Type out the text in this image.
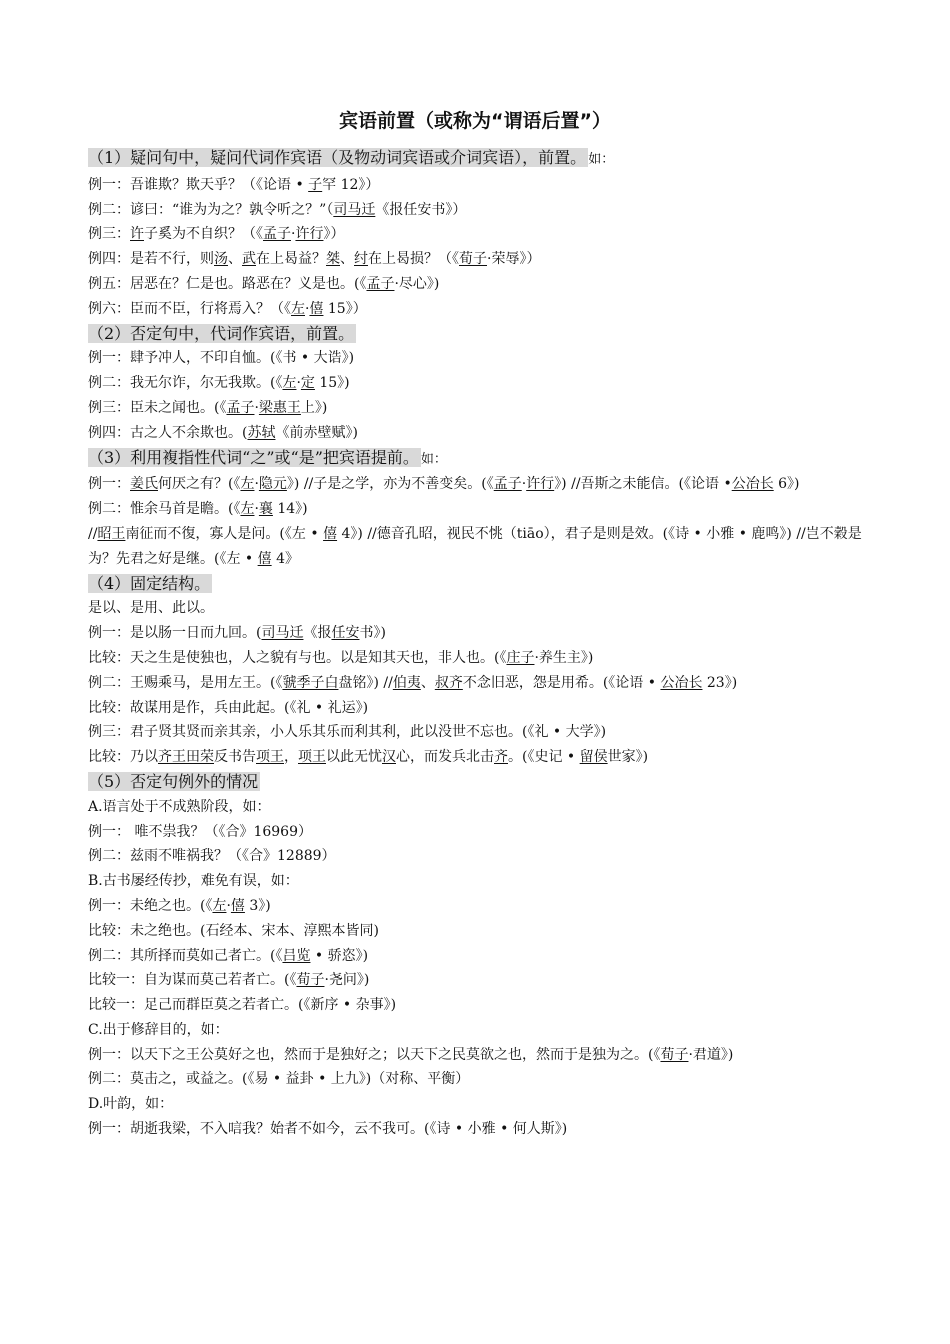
宾语前置（或称为“谓语后置”）
（1）疑问句中，疑问代词作宾语（及物动词宾语或介词宾语），前置。 如：
例一：吾谁欺？欺天乎？（《论语 • 子罕 12》）
例二：谚曰：“谁为为之？孰令听之？”（司马迁《报任安书》）
例三：许子奚为不自织？（《孟子·许行》）
例四：是若不行，则汤、武在上曷益？桀、纣在上曷损？（《荀子·荣辱》）
例五：居恶在？仁是也。路恶在？义是也。(《孟子·尽心》)
例六：臣而不臣，行将焉入？（《左·僖 15》）
（2）否定句中，代词作宾语，前置。
例一：肆予冲人，不印自恤。(《书 • 大诰》)
例二：我无尔诈，尔无我欺。(《左·定 15》)
例三：臣未之闻也。(《孟子·梁惠王上》)
例四：古之人不余欺也。(苏轼《前赤壁赋》)
（3）利用複指性代词“之”或“是”把宾语提前。 如：
例一：姜氏何厌之有？(《左·隐元》) //子是之学，亦为不善变矣。(《孟子·许行》) //吾斯之未能信。(《论语 •公冶长 6》)
例二：惟余马首是瞻。(《左·襄 14》)
//昭王南征而不復，寡人是问。(《左 • 僖 4》) //德音孔昭，视民不恌（tiāo），君子是则是效。(《诗 • 小雅 • 鹿鸣》) //岂不穀是为？先君之好是继。(《左 • 僖 4》
（4）固定结构。
是以、是用、此以。
例一：是以肠一日而九回。(司马迁《报任安书》)
比较：天之生是使独也，人之貌有与也。以是知其天也，非人也。(《庄子·养生主》)
例二：王赐乘马，是用左王。(《虢季子白盘铭》) //伯夷、叔齐不念旧恶，怨是用希。(《论语 • 公冶长 23》)
比较：故谋用是作，兵由此起。(《礼 • 礼运》)
例三：君子贤其贤而亲其亲，小人乐其乐而利其利，此以没世不忘也。(《礼 • 大学》)
比较：乃以齐王田荣反书告项王，项王以此无忧汉心，而发兵北击齐。(《史记 • 留侯世家》)
（5）否定句例外的情况
A.语言处于不成熟阶段，如：
例一： 唯不祟我？（《合》16969）
例二：兹雨不唯祸我？（《合》12889）
B.古书屡经传抄，难免有误，如：
例一：未绝之也。(《左·僖 3》)
比较：未之绝也。(石经本、宋本、淳熙本皆同)
例二：其所择而莫如己者亡。(《吕览 • 骄恣》)
比较一：自为谋而莫己若者亡。(《荀子·尧问》)
比较一：足己而群臣莫之若者亡。(《新序 • 杂事》)
C.出于修辞目的，如：
例一：以天下之王公莫好之也，然而于是独好之；以天下之民莫欲之也，然而于是独为之。(《荀子·君道》)
例二：莫击之，或益之。(《易 • 益卦 • 上九》)（对称、平衡）
D.叶韵，如：
例一：胡逝我梁，不入唁我？始者不如今，云不我可。(《诗 • 小雅 • 何人斯》)
